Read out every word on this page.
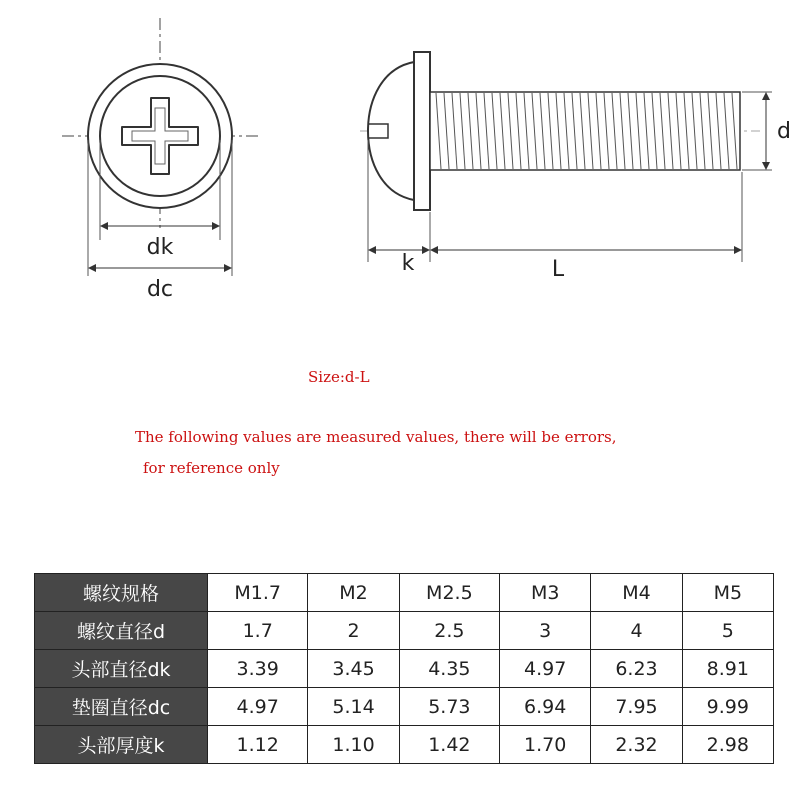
dk
dc
d
k	L

Size:d-L

The following values are measured values, there will be errors,
for reference only

螺纹规格	M1.7	M2	M2.5	M3	M4	M5
螺纹直径d	1.7	2	2.5	3	4	5
头部直径dk	3.39	3.45	4.35	4.97	6.23	8.91
垫圈直径dc	4.97	5.14	5.73	6.94	7.95	9.99
头部厚度k	1.12	1.10	1.42	1.70	2.32	2.98
